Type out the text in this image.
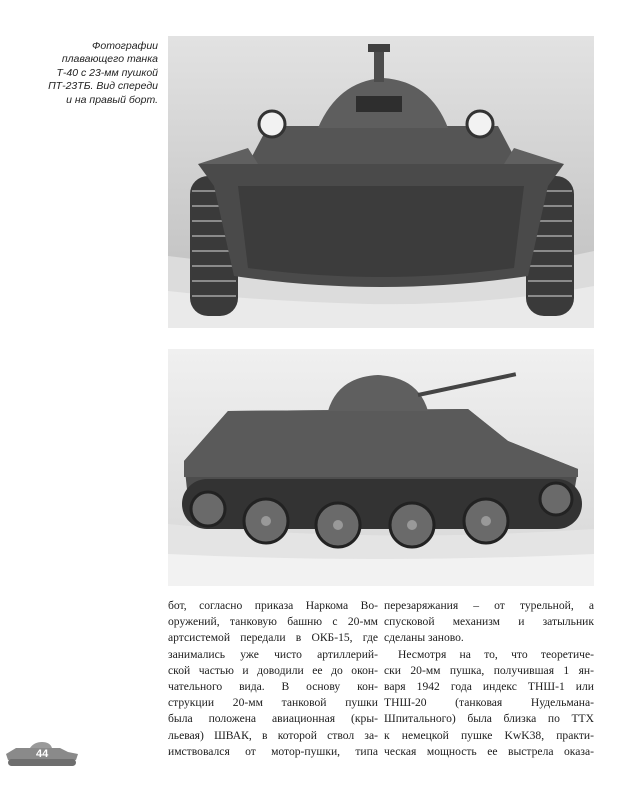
Фотографии
плавающего танка
Т-40 с 23-мм пушкой
ПТ-23ТБ. Вид спереди
и на правый борт.
бот, согласно приказа Наркома Во-
оружений, танковую башню с 20-мм
артсистемой передали в ОКБ-15, где
занимались уже чисто артиллерий-
ской частью и доводили ее до окон-
чательного вида. В основу кон-
струкции 20-мм танковой пушки
была положена авиационная (кры-
льевая) ШВАК, в которой ствол за-
имствовался от мотор-пушки, типа
перезаряжания – от турельной, а
спусковой механизм и затыльник
сделаны заново.
Несмотря на то, что теоретиче-
ски 20-мм пушка, получившая 1 ян-
варя 1942 года индекс ТНШ-1 или
ТНШ-20 (танковая Нудельмана-
Шпитального) была близка по ТТХ
к немецкой пушке KwK38, практи-
ческая мощность ее выстрела оказа-
44
